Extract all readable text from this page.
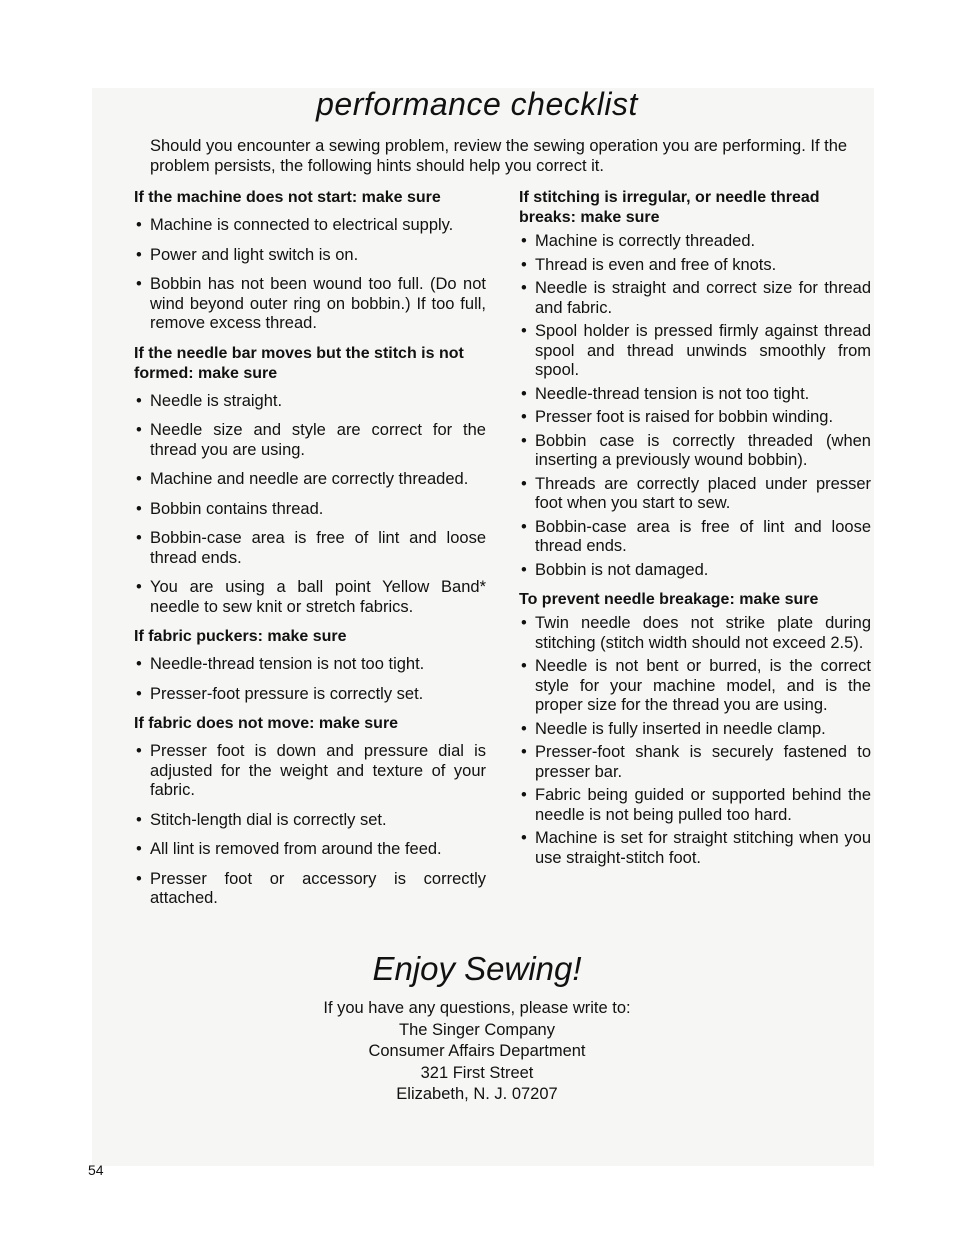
performance checklist

Should you encounter a sewing problem, review the sewing operation you are performing. If the problem persists, the following hints should help you correct it.

If the machine does not start: make sure

• Machine is connected to electrical supply.
• Power and light switch is on.
• Bobbin has not been wound too full. (Do not wind beyond outer ring on bobbin.) If too full, remove excess thread.

If the needle bar moves but the stitch is not formed: make sure

• Needle is straight.
• Needle size and style are correct for the thread you are using.
• Machine and needle are correctly threaded.
• Bobbin contains thread.
• Bobbin-case area is free of lint and loose thread ends.
• You are using a ball point Yellow Band* needle to sew knit or stretch fabrics.

If fabric puckers: make sure

• Needle-thread tension is not too tight.
• Presser-foot pressure is correctly set.

If fabric does not move: make sure

• Presser foot is down and pressure dial is adjusted for the weight and texture of your fabric.
• Stitch-length dial is correctly set.
• All lint is removed from around the feed.
• Presser foot or accessory is correctly attached.

If stitching is irregular, or needle thread breaks: make sure

• Machine is correctly threaded.
• Thread is even and free of knots.
• Needle is straight and correct size for thread and fabric.
• Spool holder is pressed firmly against thread spool and thread unwinds smoothly from spool.
• Needle-thread tension is not too tight.
• Presser foot is raised for bobbin winding.
• Bobbin case is correctly threaded (when inserting a previously wound bobbin).
• Threads are correctly placed under presser foot when you start to sew.
• Bobbin-case area is free of lint and loose thread ends.
• Bobbin is not damaged.

To prevent needle breakage: make sure

• Twin needle does not strike plate during stitching (stitch width should not exceed 2.5).
• Needle is not bent or burred, is the correct style for your machine model, and is the proper size for the thread you are using.
• Needle is fully inserted in needle clamp.
• Presser-foot shank is securely fastened to presser bar.
• Fabric being guided or supported behind the needle is not being pulled too hard.
• Machine is set for straight stitching when you use straight-stitch foot.
Enjoy Sewing!
If you have any questions, please write to:
The Singer Company
Consumer Affairs Department
321 First Street
Elizabeth, N. J. 07207
54
